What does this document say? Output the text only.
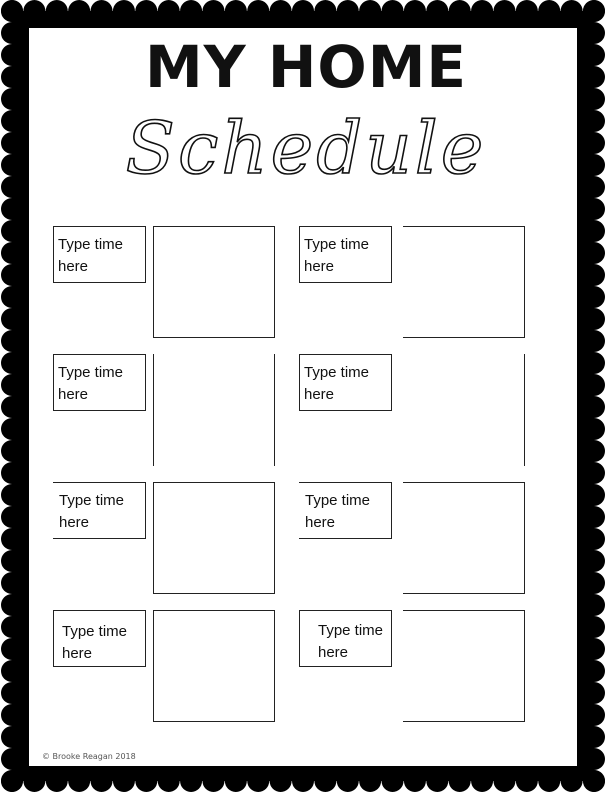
MY HOME
Schedule
Type time here
Type time here
Type time here
Type time here
Type time here
Type time here
Type time here
Type time here
© Brooke Reagan 2018
